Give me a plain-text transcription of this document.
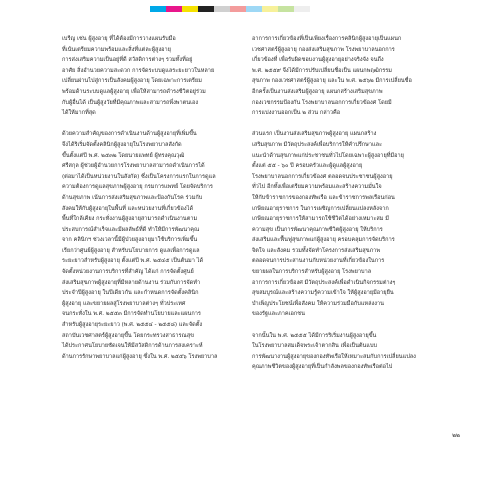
เบรีญ เช่น ผู้สูงอายุ ที่ได้ต้องมีการวางแผนรับมือ
ที่เน้นเตรียมความพร้อมและสิ่งที่แต่ละผู้สูงอายุ
การส่งเสริมความเป็นอยู่ที่ดี สวัสดิการต่างๆ รวมทั้งที่อยู่
อาศัย สิ่งอำนวยความสะดวก การจัดระบบดูแลระยะยาวในหลาย
เปลี่ยนผ่านไปสู่การเป็นสังคมผู้สูงอายุ โดยเฉพาะการเตรียม
พร้อมด้านระบบดูแลผู้สูงอายุ เพื่อให้สามารถดำรงชีวิตอยู่ร่วม
กับผู้อื่นได้ เป็นผู้สูงวัยที่มีคุณภาพและสามารถพึ่งพาตนเอง
ได้ให้มากที่สุด

ด้วยความสำคัญของการดำเนินงานด้านผู้สูงอายุที่เพิ่มขึ้น
จึงได้ริเริ่มจัดตั้งคลินิกผู้สูงอายุในโรงพยาบาลสังกัด
ขึ้นตั้งแต่ปี พ.ศ. ๒๕๓๒ โดยนายแพทย์ ผู้ทรงคุณวุฒิ
ศรีสกุล ผู้ช่วยผู้อำนวยการโรงพยาบาลสามารถดำเนินการได้
(ต่อมาได้เป็นหน่วยงานในสังกัด) ซึ่งเป็นโครงการแรกในการดูแล
ความต้องการดูแลสุขภาพผู้สูงอายุ กรมการแพทย์ โดยจัดบริการ
ด้านสุขภาพ เน้นการส่งเสริมสุขภาพและป้องกันโรค ร่วมกับ
สังคมให้กับผู้สูงอายุในพื้นที่ และหน่วยงานที่เกี่ยวข้องได้
พื้นที่ใกล้เคียง กระทั่งงานผู้สูงอายุสามารถดำเนินงานตาม
ประสบการณ์สำเร็จและมีผลลัพธ์ที่ดี ทำให้มีการพัฒนาคุณ
จาก คลินิกฯ ช่วงเวลานี้มีผู้ป่วยสูงอายุมาใช้บริการเพิ่มขึ้น
เรียกว่าศูนย์ผู้สูงอายุ สำหรับนโยบายการ ดูแลเพื่อการดูแล
ระยะยาวสำหรับผู้สูงอายุ ตั้งแต่ปี พ.ศ. ๒๕๔๕ เป็นต้นมา ได้
จัดตั้งหน่วยงานการบริการที่สำคัญ ได้แก่ การจัดตั้งศูนย์
ส่งเสริมสุขภาพผู้สูงอายุที่มีหลายด้านงาน ร่วมกับการจัดทำ
ประจำปีผู้สูงอายุ ในปีเดียวกัน และกำหนดการจัดตั้งคลินิก
ผู้สูงอายุ และขยายผลสู่โรงพยาบาลต่างๆ ทั่วประเทศ
จนกระทั่งใน พ.ศ. ๒๕๕๓ มีการจัดทำนโยบายและแผนการ
สำหรับผู้สูงอายุระยะยาว (พ.ศ. ๒๕๕๔ - ๒๕๕๘) และจัดตั้ง
สถาบันเวชศาสตร์ผู้สูงอายุขึ้น โดยกระทรวงสาธารณสุข
ได้ประกาศนโยบายชัดเจนให้มีสวัสดิการด้านการสงเคราะห์
ด้านการรักษาพยาบาลแก่ผู้สูงอายุ ซึ่งใน พ.ศ. ๒๕๕๖ โรงพยาบาล
อาการการเกี่ยวข้องที่เป็นเพียงเรื่องการคลินิกผู้สูงอายุเป็นแผนก
เวชศาสตร์ผู้สูงอายุ กองส่งเสริมสุขภาพ โรงพยาบาลนอกการ
เกี่ยวข้องที่ เพื่อรับผิดชอบงานผู้สูงอายุอย่างจริงจัง จนถึง
พ.ศ. ๒๕๕๙ จึงได้มีการปรับเปลี่ยนชื่อเป็น แผนกพฤฒิกรรม
สุขภาพ กองเวชศาสตร์ผู้สูงอายุ และใน พ.ศ. ๒๕๖๒ มีการเปลี่ยนชื่อ
อีกครั้งเป็นงานส่งเสริมผู้สูงอายุ แผนกสร้างเสริมสุขภาพ
กองเวชกรรมป้องกัน โรงพยาบาลนอกการเกี่ยวข้องศ โดยมี
การแบ่งงานออกเป็น ๒ ส่วน กล่าวคือ

ส่วนแรก เป็นงานส่งเสริมสุขภาพผู้สูงอายุ แผนกสร้าง
เสริมสุขภาพ มีวัตถุประสงค์เพื่อบริการให้คำปรึกษาและ
แนะนำด้านสุขภาพแก่ประชาชนทั่วไปโดยเฉพาะผู้สูงอายุที่มีอายุ
ตั้งแต่ ๕๕ - ๖๐ ปี ครอบครัวและผู้ดูแลผู้สูงอายุ
โรงพยาบาลนอกการเกี่ยวข้องศ ตลอดจนประชาชนผู้สูงอายุ
ทั่วไป อีกทั้งเพื่อเตรียมความพร้อมและสร้างความมั่นใจ
ให้กับข้าราชการของกองทัพเรือ และข้าราชการพลเรือนก่อน
เกษียณอายุราชการ ในการเผชิญการเปลี่ยนแปลงหลังจาก
เกษียณอายุราชการให้สามารถใช้ชีวิตได้อย่างเหมาะสม มี
ความสุข เป็นการพัฒนาคุณภาพชีวิตผู้สูงอายุ ให้บริการ
ส่งเสริมและฟื้นฟูสุขภาพแก่ผู้สูงอายุ ครอบคลุมการจัดบริการ
จิตใจ และสังคม รวมทั้งจัดทำโครงการส่งเสริมสุขภาพ
ตลอดจนการประสานงานกับหน่วยงานที่เกี่ยวข้องในการ
ขยายผลในการบริการสำหรับผู้สูงอายุ โรงพยาบาล
อาการการเกี่ยวข้องศ มีวัตถุประสงค์เพื่อดำเนินกิจกรรมต่างๆ
สุขสมบูรณ์และสร้างความรู้ความเข้าใจ ให้ผู้สูงอายุมีอายุยืน
บำเพ็ญประโยชน์เพื่อสังคม ให้ความร่วมมือกับแหล่งงาน
ของรัฐและภาคเอกชน

จากนั้นใน พ.ศ. ๒๕๕๕ ได้มีการริเริ่มงานผู้สูงอายุขึ้น
ในโรงพยาบาลสมเด็จพระเจ้าตากสิน เพื่อเป็นต้นแบบ
การพัฒนางานผู้สูงอายุของกองทัพเรือให้เหมาะสมกับการเปลี่ยนแปลง
คุณภาพชีวิตของผู้สูงอายุที่เป็นกำลังพลของกองทัพเรือต่อไป
๒๒
